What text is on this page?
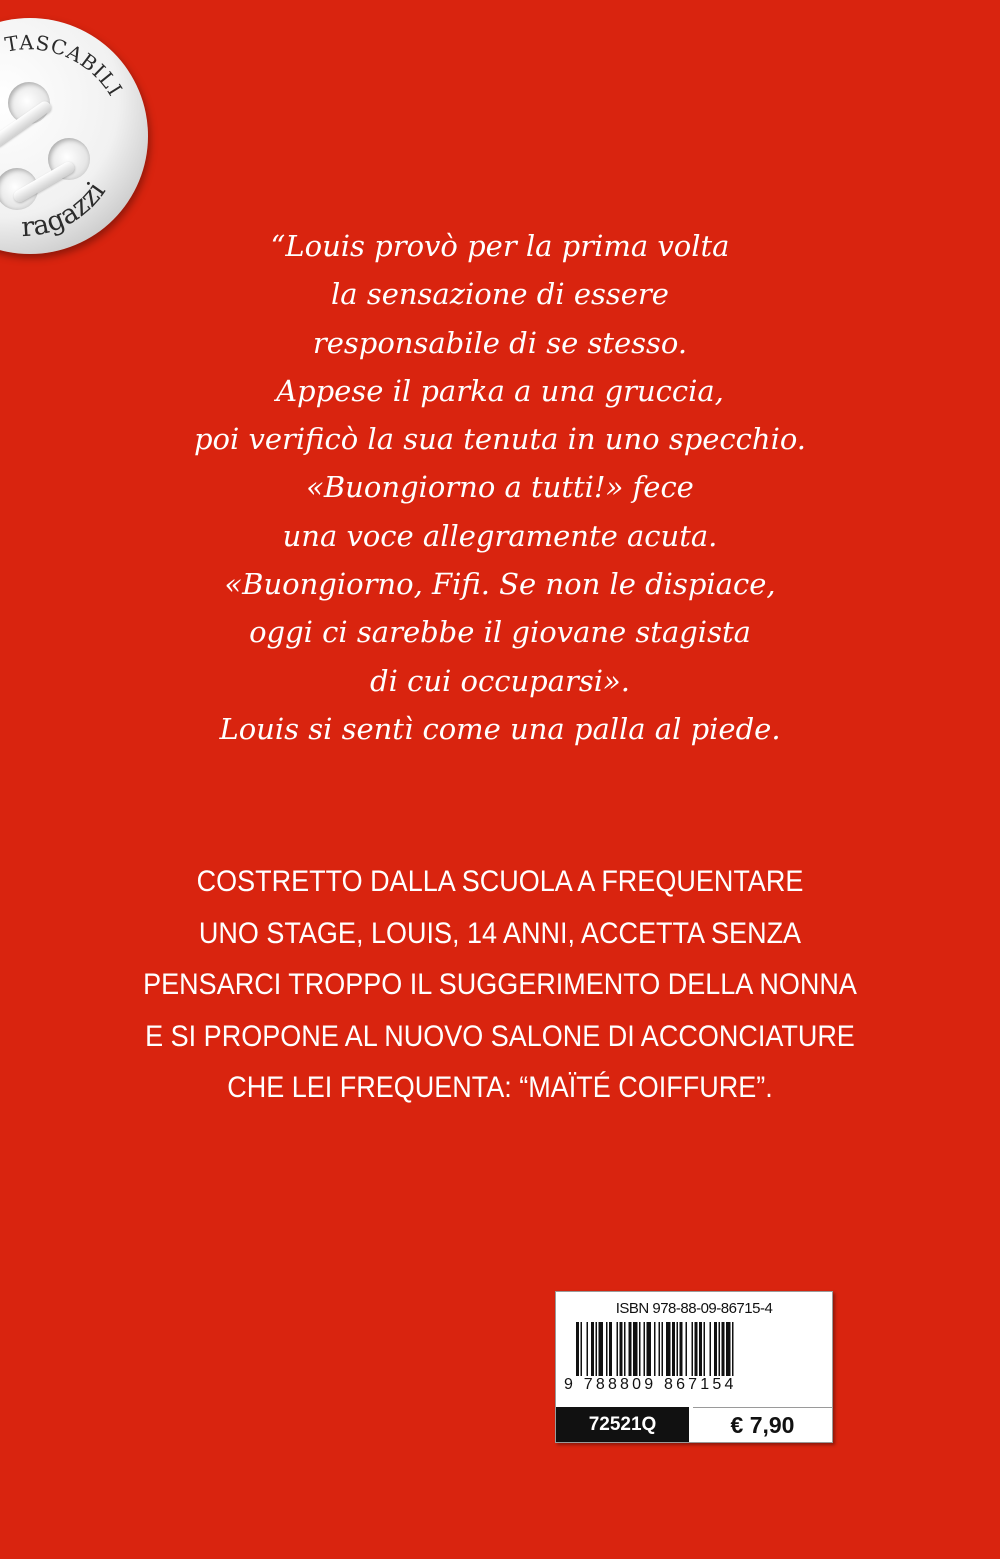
TASCABILI
ragazzi
“Louis provò per la prima volta
la sensazione di essere
responsabile di se stesso.
Appese il parka a una gruccia,
poi verificò la sua tenuta in uno specchio.
«Buongiorno a tutti!» fece
una voce allegramente acuta.
«Buongiorno, Fifi. Se non le dispiace,
oggi ci sarebbe il giovane stagista
di cui occuparsi».
Louis si sentì come una palla al piede.
COSTRETTO DALLA SCUOLA A FREQUENTARE
UNO STAGE, LOUIS, 14 ANNI, ACCETTA SENZA
PENSARCI TROPPO IL SUGGERIMENTO DELLA NONNA
E SI PROPONE AL NUOVO SALONE DI ACCONCIATURE
CHE LEI FREQUENTA: “MAÏTÉ COIFFURE”.
ISBN 978-88-09-86715-4
9 788809 867154
72521Q	€ 7,90
